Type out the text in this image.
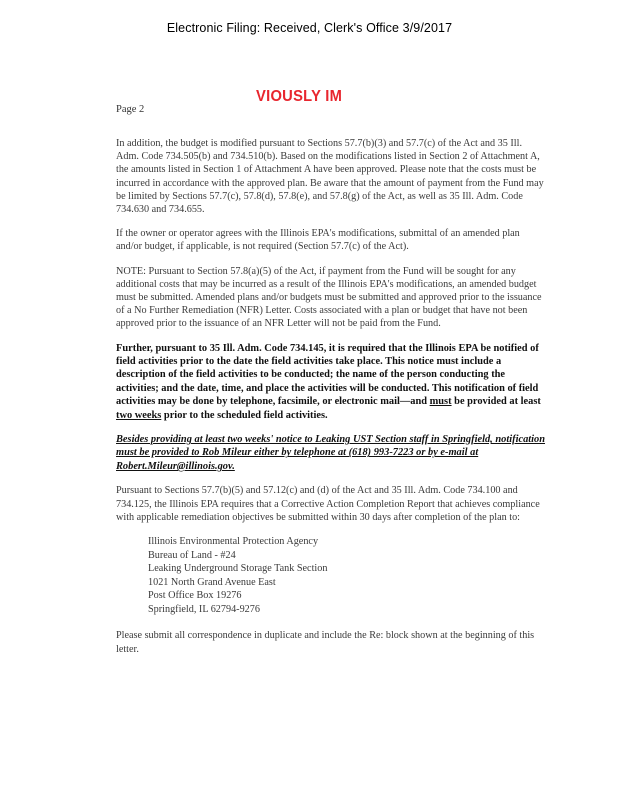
Electronic Filing: Received, Clerk's Office 3/9/2017
Page 2
VIOUSLY IM

In addition, the budget is modified pursuant to Sections 57.7(b)(3) and 57.7(c) of the Act and 35 Ill. Adm. Code 734.505(b) and 734.510(b). Based on the modifications listed in Section 2 of Attachment A, the amounts listed in Section 1 of Attachment A have been approved. Please note that the costs must be incurred in accordance with the approved plan. Be aware that the amount of payment from the Fund may be limited by Sections 57.7(c), 57.8(d), 57.8(e), and 57.8(g) of the Act, as well as 35 Ill. Adm. Code 734.630 and 734.655.

If the owner or operator agrees with the Illinois EPA's modifications, submittal of an amended plan and/or budget, if applicable, is not required (Section 57.7(c) of the Act).

NOTE: Pursuant to Section 57.8(a)(5) of the Act, if payment from the Fund will be sought for any additional costs that may be incurred as a result of the Illinois EPA's modifications, an amended budget must be submitted. Amended plans and/or budgets must be submitted and approved prior to the issuance of a No Further Remediation (NFR) Letter. Costs associated with a plan or budget that have not been approved prior to the issuance of an NFR Letter will not be paid from the Fund.

Further, pursuant to 35 Ill. Adm. Code 734.145, it is required that the Illinois EPA be notified of field activities prior to the date the field activities take place. This notice must include a description of the field activities to be conducted; the name of the person conducting the activities; and the date, time, and place the activities will be conducted. This notification of field activities may be done by telephone, facsimile, or electronic mail—and must be provided at least two weeks prior to the scheduled field activities.

Besides providing at least two weeks' notice to Leaking UST Section staff in Springfield, notification must be provided to Rob Mileur either by telephone at (618) 993-7223 or by e-mail at Robert.Mileur@illinois.gov.

Pursuant to Sections 57.7(b)(5) and 57.12(c) and (d) of the Act and 35 Ill. Adm. Code 734.100 and 734.125, the Illinois EPA requires that a Corrective Action Completion Report that achieves compliance with applicable remediation objectives be submitted within 30 days after completion of the plan to:

Illinois Environmental Protection Agency
Bureau of Land - #24
Leaking Underground Storage Tank Section
1021 North Grand Avenue East
Post Office Box 19276
Springfield, IL 62794-9276

Please submit all correspondence in duplicate and include the Re: block shown at the beginning of this letter.
